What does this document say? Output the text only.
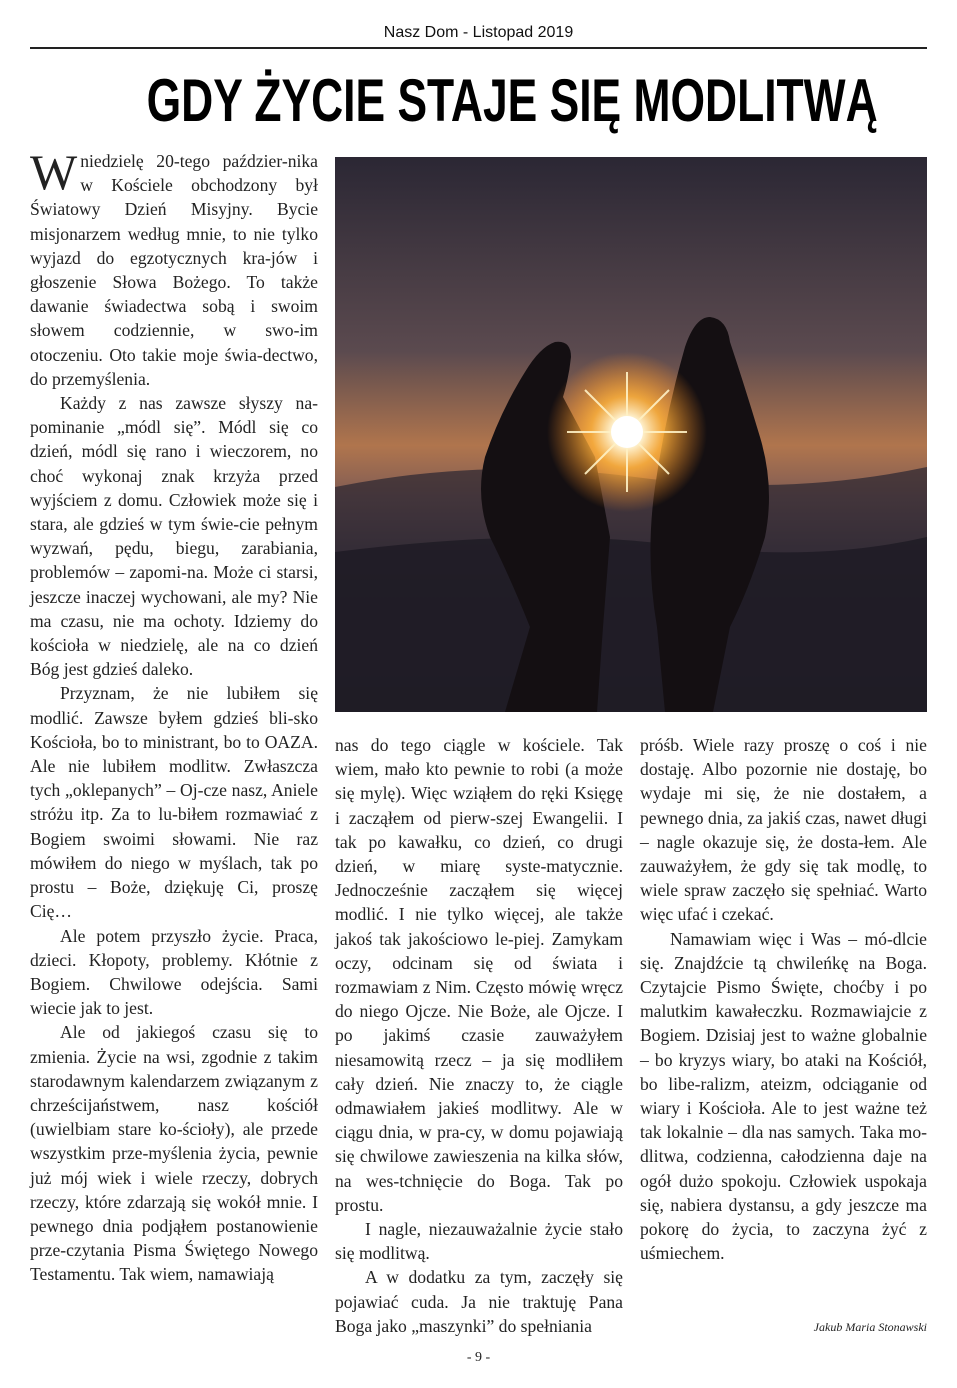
Nasz Dom - Listopad 2019
GDY ŻYCIE STAJE SIĘ MODLITWĄ

Wniedzielę 20-tego paździer-nika w Kościele obchodzony był Światowy Dzień Misyjny. Bycie misjonarzem według mnie, to nie tylko wyjazd do egzotycznych kra-jów i głoszenie Słowa Bożego. To także dawanie świadectwa sobą i swoim słowem codziennie, w swo-im otoczeniu. Oto takie moje świa-dectwo, do przemyślenia.

Każdy z nas zawsze słyszy na-pominanie „módl się”. Módl się co dzień, módl się rano i wieczorem, no choć wykonaj znak krzyża przed wyjściem z domu. Człowiek może się i stara, ale gdzieś w tym świe-cie pełnym wyzwań, pędu, biegu, zarabiania, problemów – zapomi-na. Może ci starsi, jeszcze inaczej wychowani, ale my? Nie ma czasu, nie ma ochoty. Idziemy do kościoła w niedzielę, ale na co dzień Bóg jest gdzieś daleko.

Przyznam, że nie lubiłem się modlić. Zawsze byłem gdzieś bli-sko Kościoła, bo to ministrant, bo to OAZA. Ale nie lubiłem modlitw. Zwłaszcza tych „oklepanych” – Oj-cze nasz, Aniele stróżu itp. Za to lu-biłem rozmawiać z Bogiem swoimi słowami. Nie raz mówiłem do niego w myślach, tak po prostu – Boże, dziękuję Ci, proszę Cię…

Ale potem przyszło życie. Praca, dzieci. Kłopoty, problemy. Kłótnie z Bogiem. Chwilowe odejścia. Sami wiecie jak to jest.

Ale od jakiegoś czasu się to zmienia. Życie na wsi, zgodnie z takim starodawnym kalendarzem związanym z chrześcijaństwem, nasz kościół (uwielbiam stare ko-ścioły), ale przede wszystkim prze-myślenia życia, pewnie już mój wiek i wiele rzeczy, dobrych rzeczy, które zdarzają się wokół mnie. I pewnego dnia podjąłem postanowienie prze-czytania Pisma Świętego Nowego Testamentu. Tak wiem, namawiają

nas do tego ciągle w kościele. Tak wiem, mało kto pewnie to robi (a może się mylę). Więc wziąłem do ręki Księgę i zacząłem od pierw-szej Ewangelii. I tak po kawałku, co dzień, co drugi dzień, w miarę syste-matycznie. Jednocześnie zacząłem się więcej modlić. I nie tylko więcej, ale także jakoś tak jakościowo le-piej. Zamykam oczy, odcinam się od świata i rozmawiam z Nim. Często mówię wręcz do niego Ojcze. Nie Boże, ale Ojcze. I po jakimś czasie zauważyłem niesamowitą rzecz – ja się modliłem cały dzień. Nie znaczy to, że ciągle odmawiałem jakieś modlitwy. Ale w ciągu dnia, w pra-cy, w domu pojawiają się chwilowe zawieszenia na kilka słów, na wes-tchnięcie do Boga. Tak po prostu.

I nagle, niezauważalnie życie stało się modlitwą.

A w dodatku za tym, zaczęły się pojawiać cuda. Ja nie traktuję Pana Boga jako „maszynki” do spełniania

próśb. Wiele razy proszę o coś i nie dostaję. Albo pozornie nie dostaję, bo wydaje mi się, że nie dostałem, a pewnego dnia, za jakiś czas, nawet długi – nagle okazuje się, że dosta-łem. Ale zauważyłem, że gdy się tak modlę, to wiele spraw zaczęło się spełniać. Warto więc ufać i czekać.

Namawiam więc i Was – mó-dlcie się. Znajdźcie tą chwileńkę na Boga. Czytajcie Pismo Święte, choćby i po malutkim kawałeczku. Rozmawiajcie z Bogiem. Dzisiaj jest to ważne globalnie – bo kryzys wiary, bo ataki na Kościół, bo libe-ralizm, ateizm, odciąganie od wiary i Kościoła. Ale to jest ważne też tak lokalnie – dla nas samych. Taka mo-dlitwa, codzienna, całodzienna daje na ogół dużo spokoju. Człowiek uspokaja się, nabiera dystansu, a gdy jeszcze ma pokorę do życia, to zaczyna żyć z uśmiechem.

Jakub Maria Stonawski
- 9 -
